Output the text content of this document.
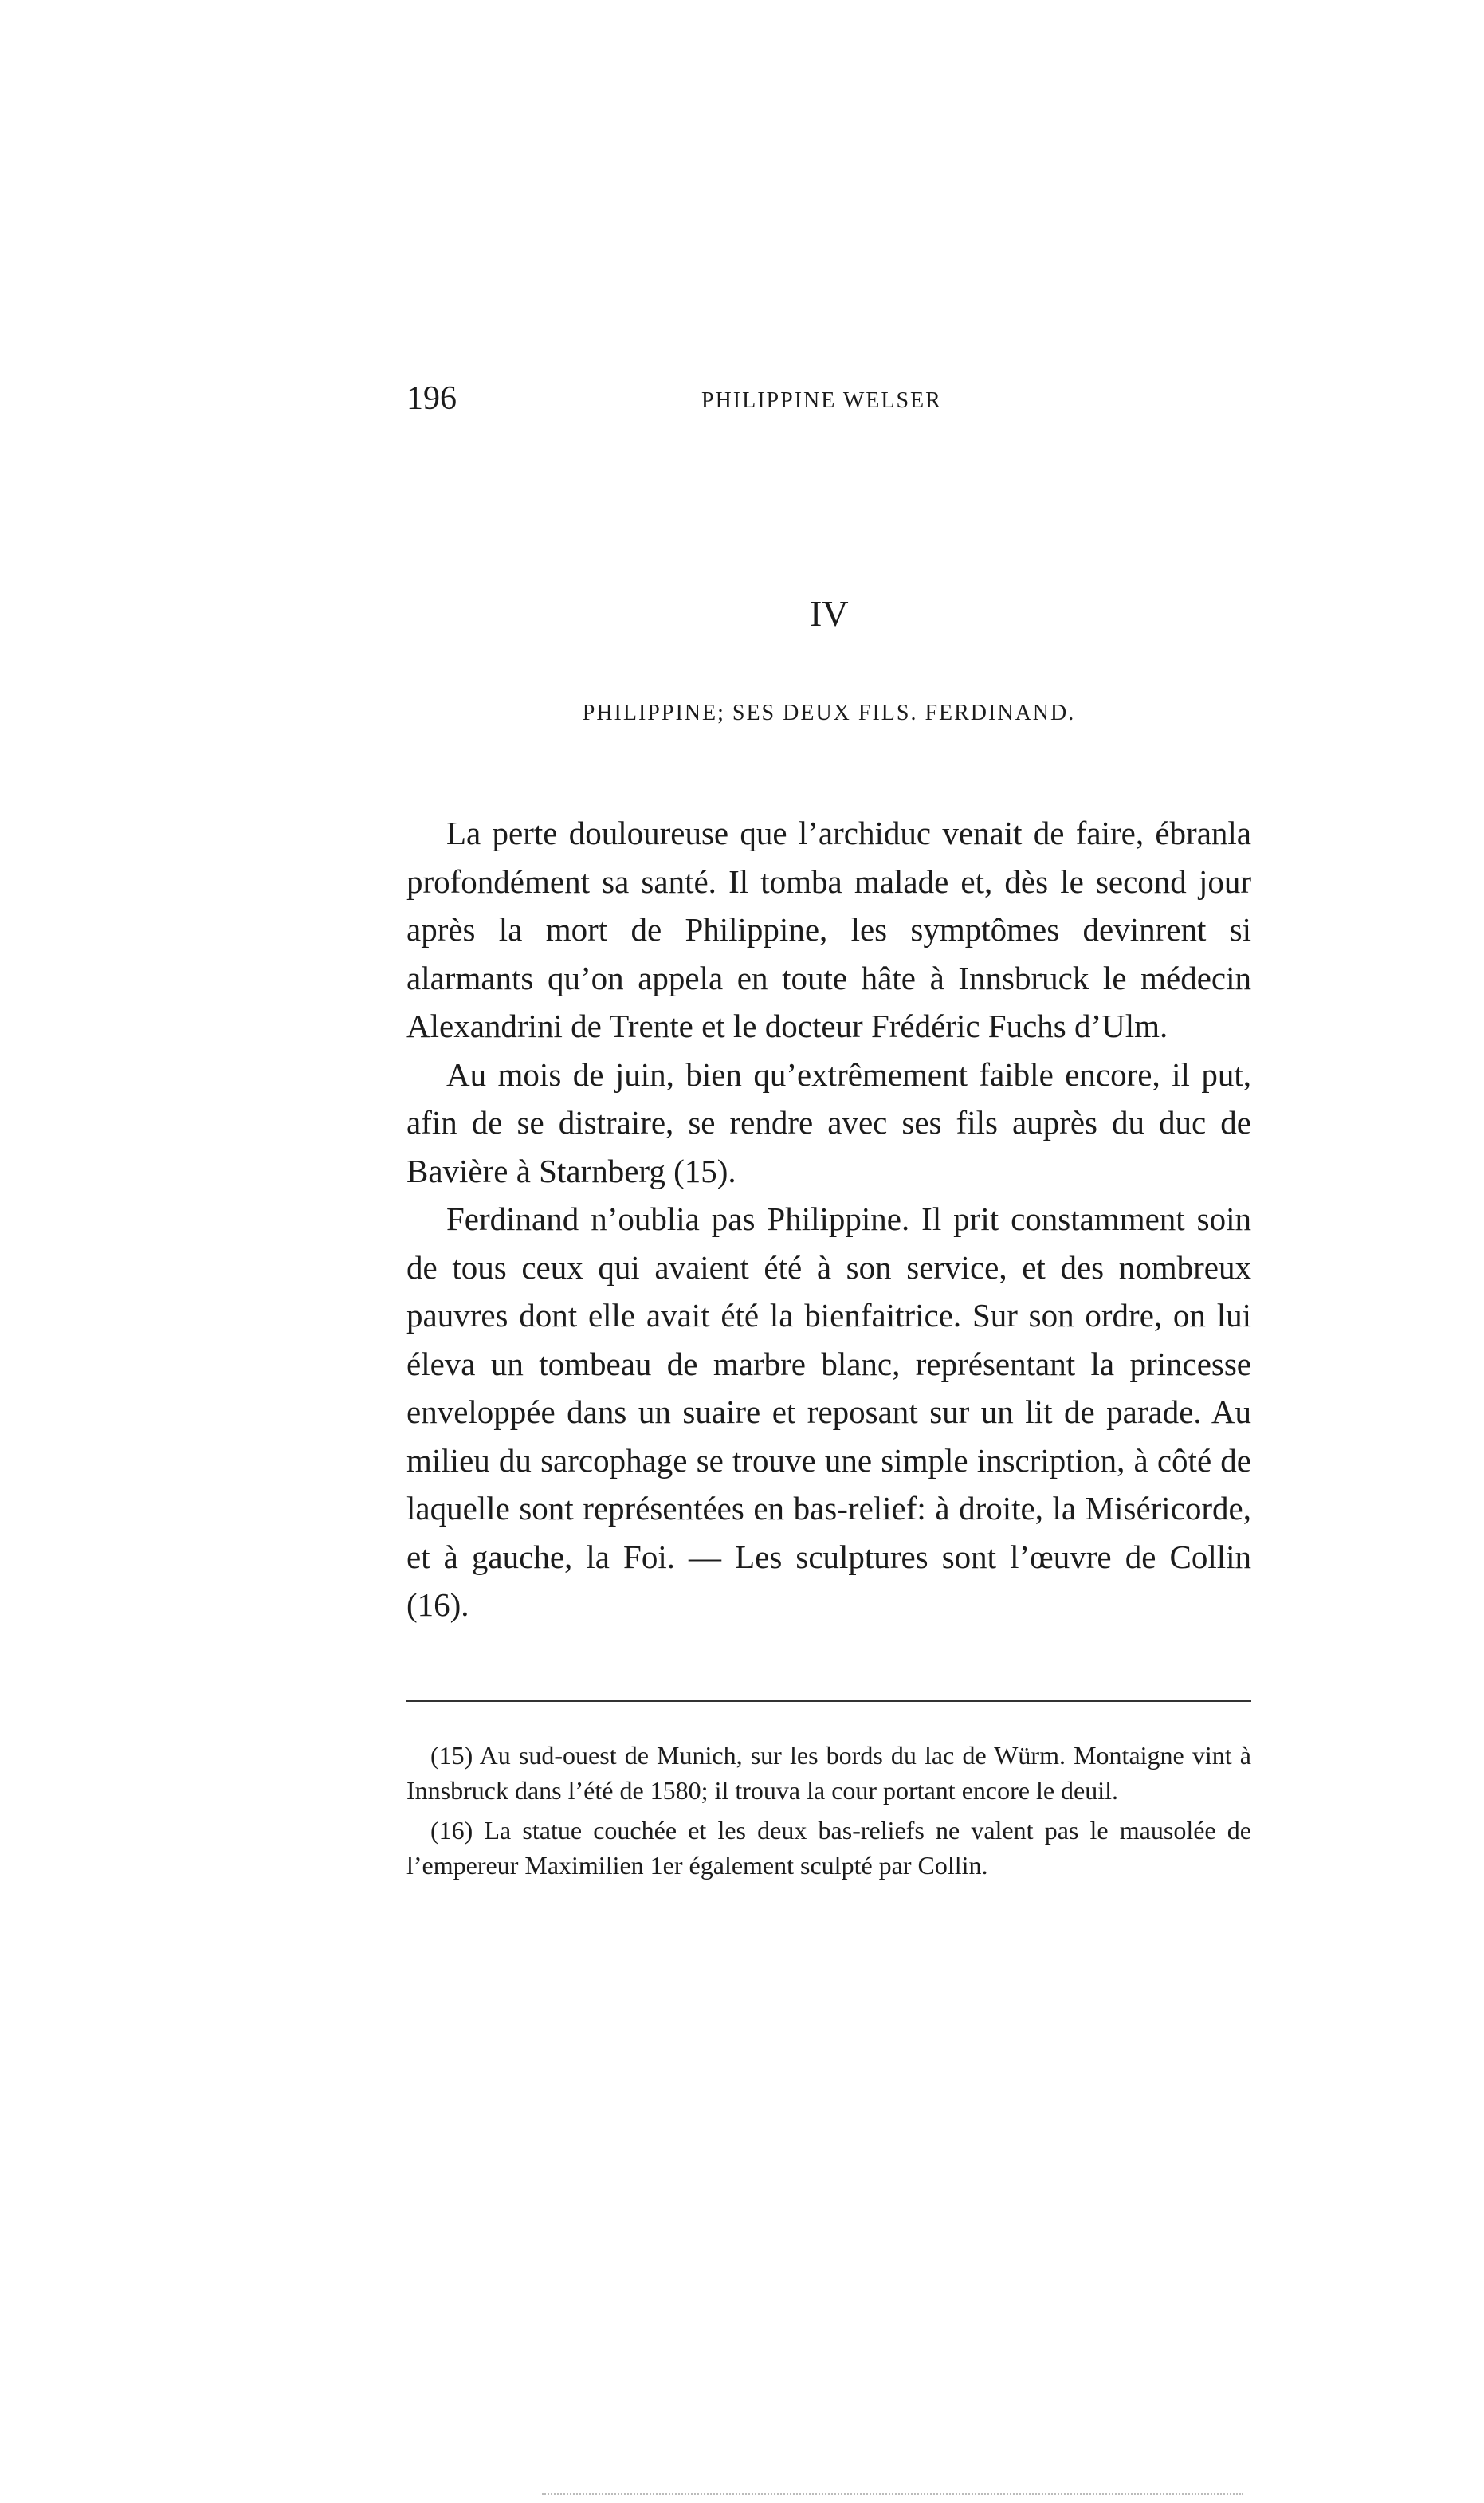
196	PHILIPPINE WELSER
IV
PHILIPPINE; SES DEUX FILS. FERDINAND.

La perte douloureuse que l’archiduc venait de faire, ébranla profondément sa santé. Il tomba malade et, dès le second jour après la mort de Philippine, les symptômes devinrent si alarmants qu’on appela en toute hâte à Innsbruck le médecin Alexandrini de Trente et le docteur Frédéric Fuchs d’Ulm.

Au mois de juin, bien qu’extrêmement faible encore, il put, afin de se distraire, se rendre avec ses fils auprès du duc de Bavière à Starnberg (15).

Ferdinand n’oublia pas Philippine. Il prit constamment soin de tous ceux qui avaient été à son service, et des nombreux pauvres dont elle avait été la bienfaitrice. Sur son ordre, on lui éleva un tombeau de marbre blanc, représentant la princesse enveloppée dans un suaire et reposant sur un lit de parade. Au milieu du sarcophage se trouve une simple inscription, à côté de laquelle sont représentées en bas-relief: à droite, la Miséricorde, et à gauche, la Foi. — Les sculptures sont l’œuvre de Collin (16).

(15) Au sud-ouest de Munich, sur les bords du lac de Würm. Montaigne vint à Innsbruck dans l’été de 1580; il trouva la cour portant encore le deuil.

(16) La statue couchée et les deux bas-reliefs ne valent pas le mausolée de l’empereur Maximilien 1er également sculpté par Collin.
